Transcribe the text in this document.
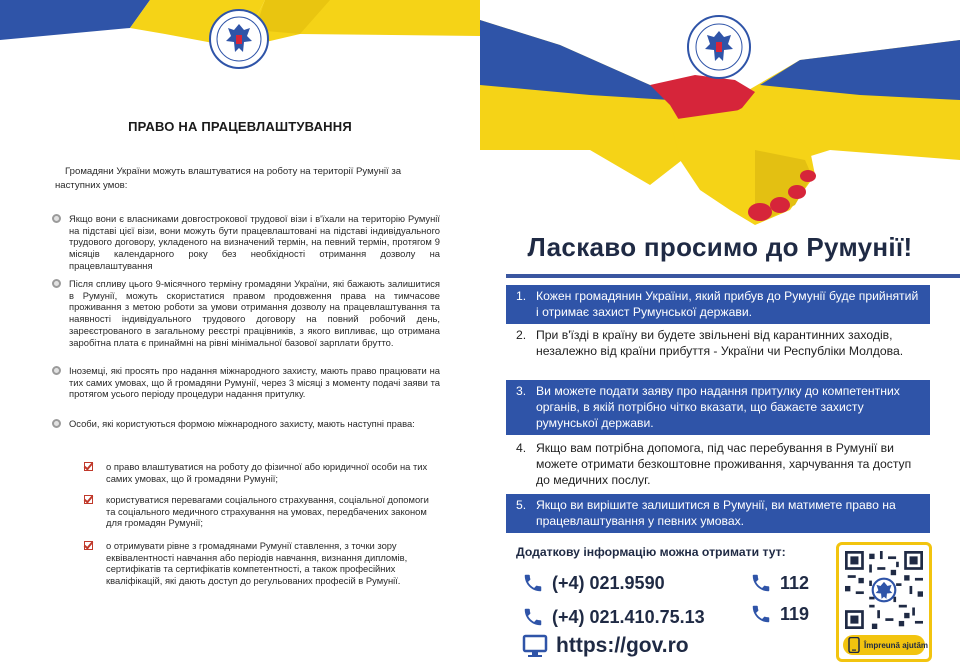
ПРАВО НА ПРАЦЕВЛАШТУВАННЯ
Громадяни України можуть влаштуватися на роботу на території Румунії за наступних умов:
Якщо вони є власниками довгострокової трудової візи і в'їхали на територію Румунії на підставі цієї візи, вони можуть бути працевлаштовані на підставі індивідуального трудового договору, укладеного на визначений термін, на певний термін, протягом 9 місяців календарного року без необхідності отримання дозволу на працевлаштування
Після спливу цього 9-місячного терміну громадяни України, які бажають залишитися в Румунії, можуть скористатися правом продовження права на тимчасове проживання з метою роботи за умови отримання дозволу на працевлаштування та наявності індивідуального трудового договору на повний робочий день, зареєстрованого в загальному реєстрі працівників, з якого випливає, що отримана заробітна плата є принаймні на рівні мінімальної базової зарплати брутто.
Іноземці, які просять про надання міжнародного захисту, мають право працювати на тих самих умовах, що й громадяни Румунії, через 3 місяці з моменту подачі заяви та протягом усього періоду процедури надання притулку.
Особи, які користуються формою міжнародного захисту, мають наступні права:
о право влаштуватися на роботу до фізичної або юридичної особи на тих самих умовах, що й громадяни Румунії;
користуватися перевагами соціального страхування, соціальної допомоги та соціального медичного страхування на умовах, передбачених законом для громадян Румунії;
о отримувати рівне з громадянами Румунії ставлення, з точки зору еквівалентності навчання або періодів навчання, визнання дипломів, сертифікатів та сертифікатів компетентності, а також професійних кваліфікацій, які дають доступ до регульованих професій в Румунії.
Ласкаво просимо до Румунії!
1. Кожен громадянин України, який прибув до Румунії буде прийнятий і отримає захист Румунської держави.
2. При в'їзді в країну ви будете звільнені від карантинних заходів, незалежно від країни прибуття - України чи Республіки Молдова.
3. Ви можете подати заяву про надання притулку до компетентних органів, в якій потрібно чітко вказати, що бажаєте захисту румунської держави.
4. Якщо вам потрібна допомога, під час перебування в Румунії ви можете отримати безкоштовне проживання, харчування та доступ до медичних послуг.
5. Якщо ви вирішите залишитися в Румунії, ви матимете право на працевлаштування у певних умовах.
Додаткову інформацію можна отримати тут:
(+4) 021.9590
(+4) 021.410.75.13
112
119
https://gov.ro	Împreună ajutăm
